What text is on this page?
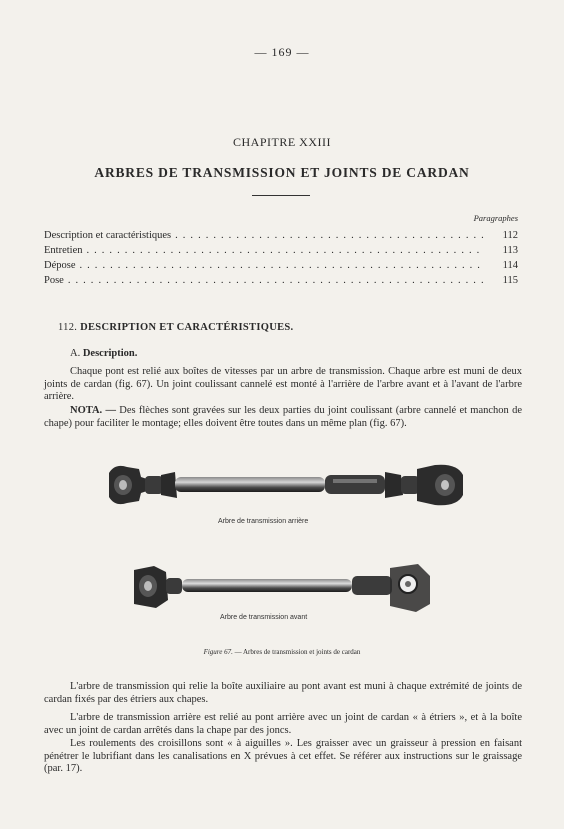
— 169 —
CHAPITRE XXIII
ARBRES DE TRANSMISSION ET JOINTS DE CARDAN
Paragraphes
Description et caractéristiques . . .	112
Entretien . . .	113
Dépose . . .	114
Pose . . .	115
112. DESCRIPTION ET CARACTÉRISTIQUES.
A. Description.

Chaque pont est relié aux boîtes de vitesses par un arbre de transmission. Chaque arbre est muni de deux joints de cardan (fig. 67). Un joint coulissant cannelé est monté à l'arrière de l'arbre avant et à l'avant de l'arbre arrière.

NOTA. — Des flèches sont gravées sur les deux parties du joint coulissant (arbre cannelé et manchon de chape) pour faciliter le montage; elles doivent être toutes dans un même plan (fig. 67).

Arbre de transmission arrière
Arbre de transmission avant
Figure 67. — Arbres de transmission et joints de cardan

L'arbre de transmission qui relie la boîte auxiliaire au pont avant est muni à chaque extrémité de joints de cardan fixés par des étriers aux chapes.

L'arbre de transmission arrière est relié au pont arrière avec un joint de cardan « à étriers », et à la boîte avec un joint de cardan arrêtés dans la chape par des joncs.

Les roulements des croisillons sont « à aiguilles ». Les graisser avec un graisseur à pression en faisant pénétrer le lubrifiant dans les canalisations en X prévues à cet effet. Se référer aux instructions sur le graissage (par. 17).
